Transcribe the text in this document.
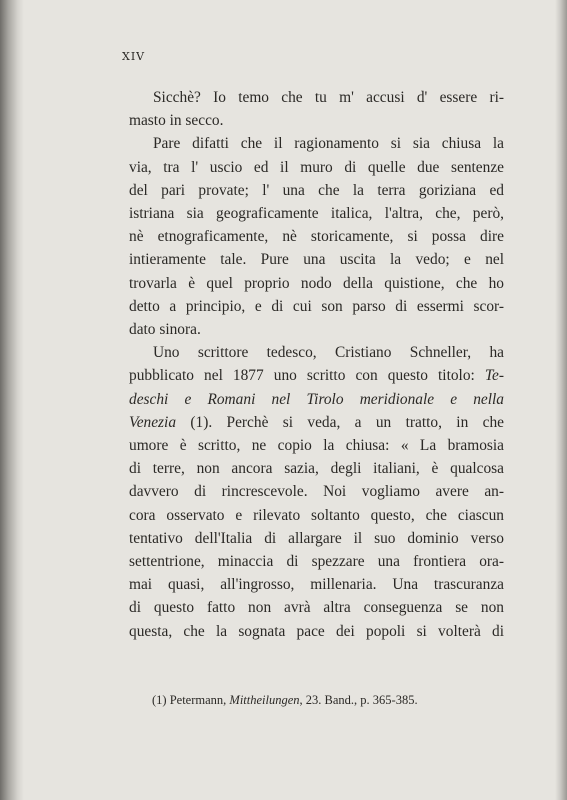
XIV

Sicchè? Io temo che tu m' accusi d' essere ri-
masto in secco.
Pare difatti che il ragionamento si sia chiusa la
via, tra l' uscio ed il muro di quelle due sentenze
del pari provate; l' una che la terra goriziana ed
istriana sia geograficamente italica, l'altra, che, però,
nè etnograficamente, nè storicamente, si possa dire
intieramente tale. Pure una uscita la vedo; e nel
trovarla è quel proprio nodo della quistione, che ho
detto a principio, e di cui son parso di essermi scor-
dato sinora.
Uno scrittore tedesco, Cristiano Schneller, ha
pubblicato nel 1877 uno scritto con questo titolo: Te-
deschi e Romani nel Tirolo meridionale e nella
Venezia (1). Perchè si veda, a un tratto, in che
umore è scritto, ne copio la chiusa: « La bramosia
di terre, non ancora sazia, degli italiani, è qualcosa
davvero di rincrescevole. Noi vogliamo avere an-
cora osservato e rilevato soltanto questo, che ciascun
tentativo dell'Italia di allargare il suo dominio verso
settentrione, minaccia di spezzare una frontiera ora-
mai quasi, all'ingrosso, millenaria. Una trascuranza
di questo fatto non avrà altra conseguenza se non
questa, che la sognata pace dei popoli si volterà di

(1) Petermann, Mittheilungen, 23. Band., p. 365-385.
